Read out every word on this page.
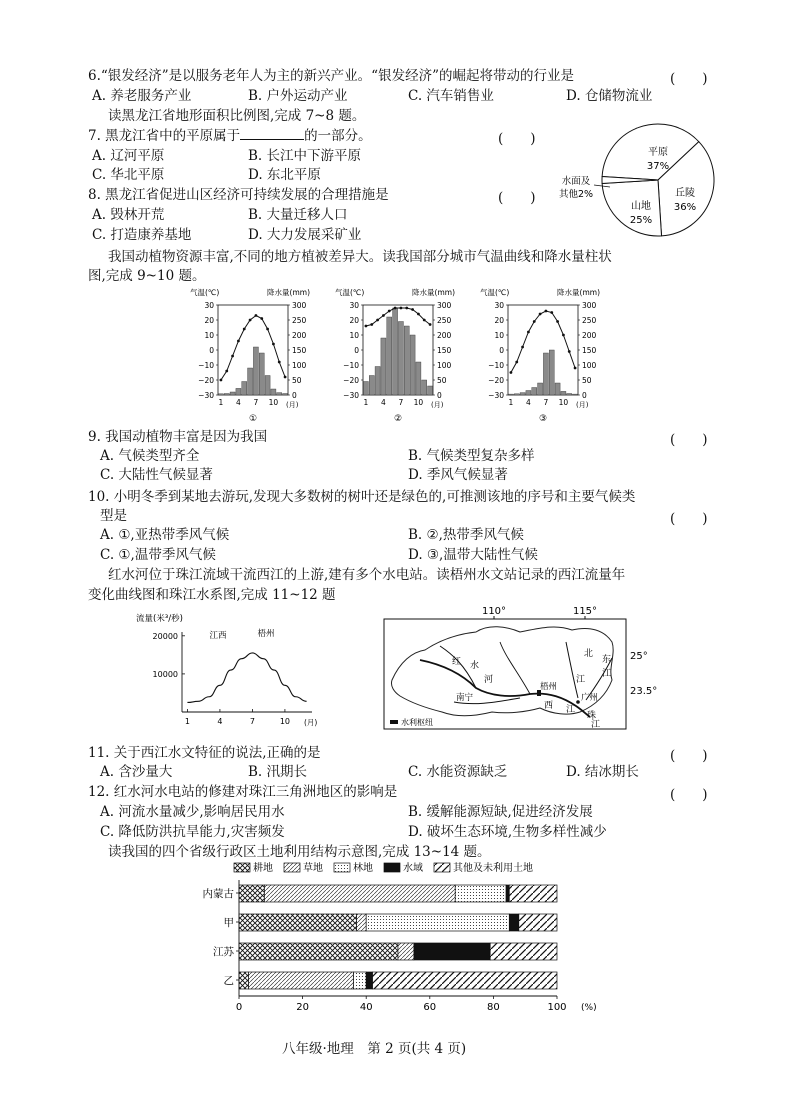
6.“银发经济”是以服务老年人为主的新兴产业。“银发经济”的崛起将带动的行业是	(　　)
A. 养老服务产业	B. 户外运动产业	C. 汽车销售业	D. 仓储物流业
读黑龙江省地形面积比例图,完成 7~8 题。
7. 黑龙江省中的平原属于	的一部分。	(　　)
A. 辽河平原	B. 长江中下游平原
C. 华北平原	D. 东北平原
8. 黑龙江省促进山区经济可持续发展的合理措施是	(　　)
A. 毁林开荒	B. 大量迁移人口
C. 打造康养基地	D. 大力发展采矿业
平原
37%
丘陵
36%
山地
25%
水面及
其他2%
我国动植物资源丰富,不同的地方植被差异大。读我国部分城市气温曲线和降水量柱状
图,完成 9~10 题。
气温(℃)	降水量(mm)
30
20
10
0
−10
−20
−30
300
250
200
150
100
50
0
1 4 7 10 (月)
①
气温(℃)	降水量(mm)
30
20
10
0
−10
−20
−30
300
250
200
150
100
50
0
1 4 7 10 (月)
②
气温(℃)	降水量(mm)
30
20
10
0
−10
−20
−30
300
250
200
150
100
50
0
1 4 7 10 (月)
③
9. 我国动植物丰富是因为我国	(　　)
A. 气候类型齐全	B. 气候类型复杂多样
C. 大陆性气候显著	D. 季风气候显著
10. 小明冬季到某地去游玩,发现大多数树的树叶还是绿色的,可推测该地的序号和主要气候类
型是	(　　)
A. ①,亚热带季风气候	B. ②,热带季风气候
C. ①,温带季风气候	D. ③,温带大陆性气候
红水河位于珠江流域干流西江的上游,建有多个水电站。读梧州水文站记录的西江流量年
变化曲线图和珠江水系图,完成 11~12 题
流量(米³/秒)
江西	梧州
20000
10000
1	4	7	10 (月)
110°	115°
25°
23.5°
红 水
河
南宁
梧州
西 江
广州
北
江
东
江
珠
江
水利枢纽
11. 关于西江水文特征的说法,正确的是	(　　)
A. 含沙量大	B. 汛期长	C. 水能资源缺乏	D. 结冰期长
12. 红水河水电站的修建对珠江三角洲地区的影响是	(　　)
A. 河流水量减少,影响居民用水	B. 缓解能源短缺,促进经济发展
C. 降低防洪抗旱能力,灾害频发	D. 破坏生态环境,生物多样性减少
读我国的四个省级行政区土地利用结构示意图,完成 13~14 题。
耕地	草地	林地	水域	其他及未利用土地
内蒙古
甲
江苏
乙
0	20	40	60	80	100 (%)
八年级·地理　第 2 页(共 4 页)
